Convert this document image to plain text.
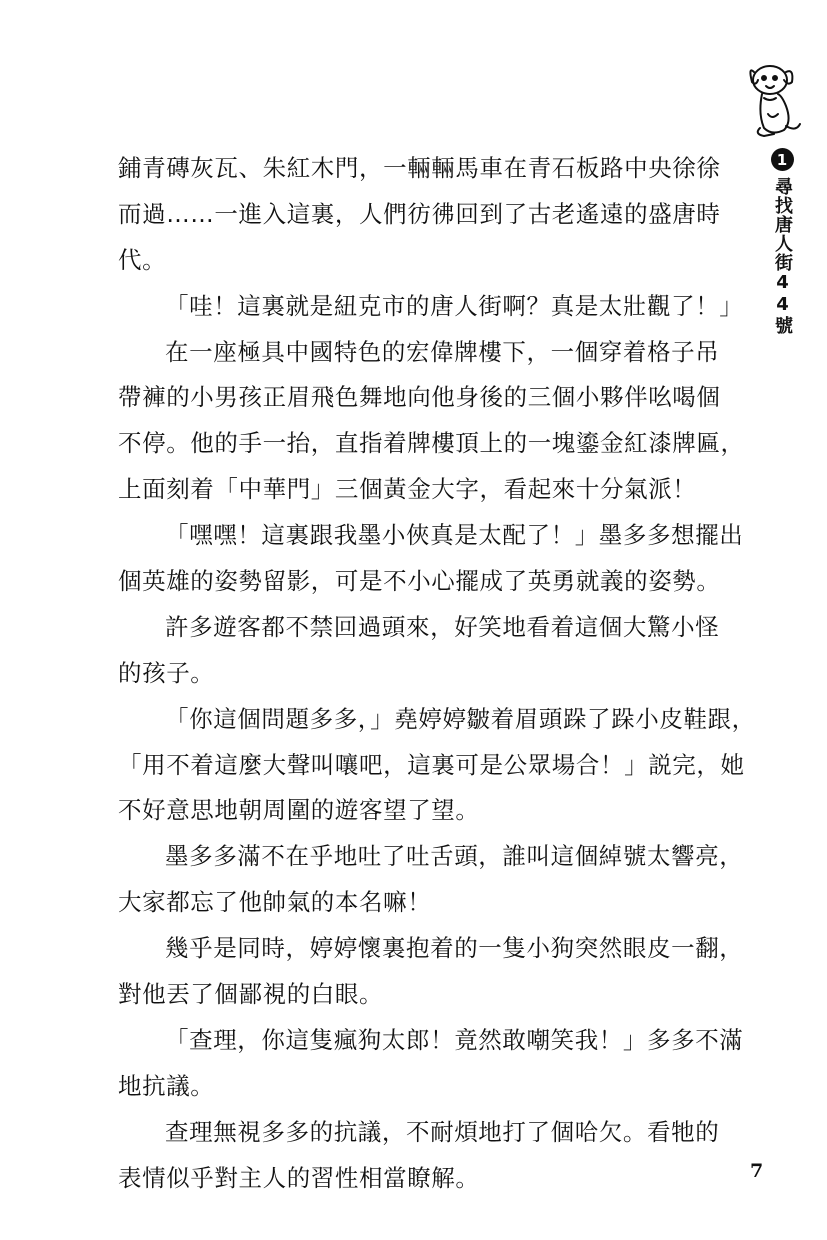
1
尋找唐人街44號
鋪青磚灰瓦、朱紅木門，一輛輛馬車在青石板路中央徐徐
而過……一進入這裏，人們彷彿回到了古老遙遠的盛唐時
代。
「哇！這裏就是紐克市的唐人街啊？真是太壯觀了！」
在一座極具中國特色的宏偉牌樓下，一個穿着格子吊
帶褲的小男孩正眉飛色舞地向他身後的三個小夥伴吆喝個
不停。他的手一抬，直指着牌樓頂上的一塊鎏金紅漆牌匾，
上面刻着「中華門」三個黃金大字，看起來十分氣派！
「嘿嘿！這裏跟我墨小俠真是太配了！」墨多多想擺出
個英雄的姿勢留影，可是不小心擺成了英勇就義的姿勢。
許多遊客都不禁回過頭來，好笑地看着這個大驚小怪
的孩子。
「你這個問題多多，」堯婷婷皺着眉頭跺了跺小皮鞋跟，
「用不着這麼大聲叫嚷吧，這裏可是公眾場合！」説完，她
不好意思地朝周圍的遊客望了望。
墨多多滿不在乎地吐了吐舌頭，誰叫這個綽號太響亮，
大家都忘了他帥氣的本名嘛！
幾乎是同時，婷婷懷裏抱着的一隻小狗突然眼皮一翻，
對他丟了個鄙視的白眼。
「查理，你這隻瘋狗太郎！竟然敢嘲笑我！」多多不滿
地抗議。
查理無視多多的抗議，不耐煩地打了個哈欠。看牠的
表情似乎對主人的習性相當瞭解。	7
